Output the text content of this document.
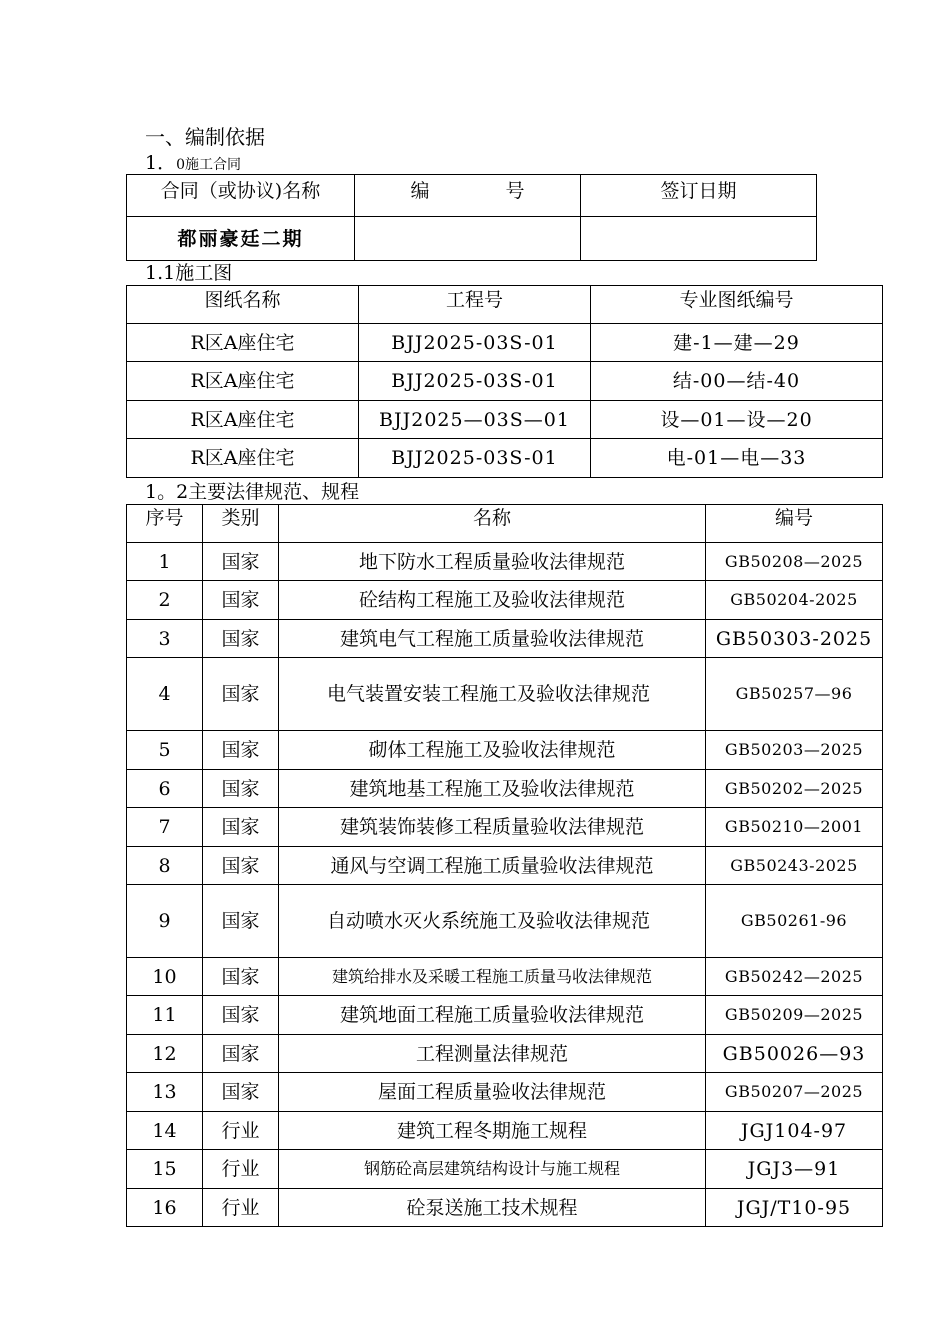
一、编制依据
1．0施工合同
合同（或协议)名称	编　　　　号	签订日期
都丽豪廷二期		
1.1施工图
图纸名称	工程号	专业图纸编号
R区A座住宅	BJJ2025-03S-01	建-1—建—29
R区A座住宅	BJJ2025-03S-01	结-00—结-40
R区A座住宅	BJJ2025—03S—01	设—01—设—20
R区A座住宅	BJJ2025-03S-01	电-01—电—33
1。2主要法律规范、规程
序号	类别	名称	编号
1	国家	地下防水工程质量验收法律规范	GB50208—2025
2	国家	砼结构工程施工及验收法律规范	GB50204-2025
3	国家	建筑电气工程施工质量验收法律规范	GB50303-2025
4	国家	电气装置安装工程施工及验收法律规范	GB50257—96
5	国家	砌体工程施工及验收法律规范	GB50203—2025
6	国家	建筑地基工程施工及验收法律规范	GB50202—2025
7	国家	建筑装饰装修工程质量验收法律规范	GB50210—2001
8	国家	通风与空调工程施工质量验收法律规范	GB50243-2025
9	国家	自动喷水灭火系统施工及验收法律规范	GB50261-96
10	国家	建筑给排水及采暖工程施工质量马收法律规范	GB50242—2025
11	国家	建筑地面工程施工质量验收法律规范	GB50209—2025
12	国家	工程测量法律规范	GB50026—93
13	国家	屋面工程质量验收法律规范	GB50207—2025
14	行业	建筑工程冬期施工规程	JGJ104-97
15	行业	钢筋砼高层建筑结构设计与施工规程	JGJ3—91
16	行业	砼泵送施工技术规程	JGJ/T10-95
